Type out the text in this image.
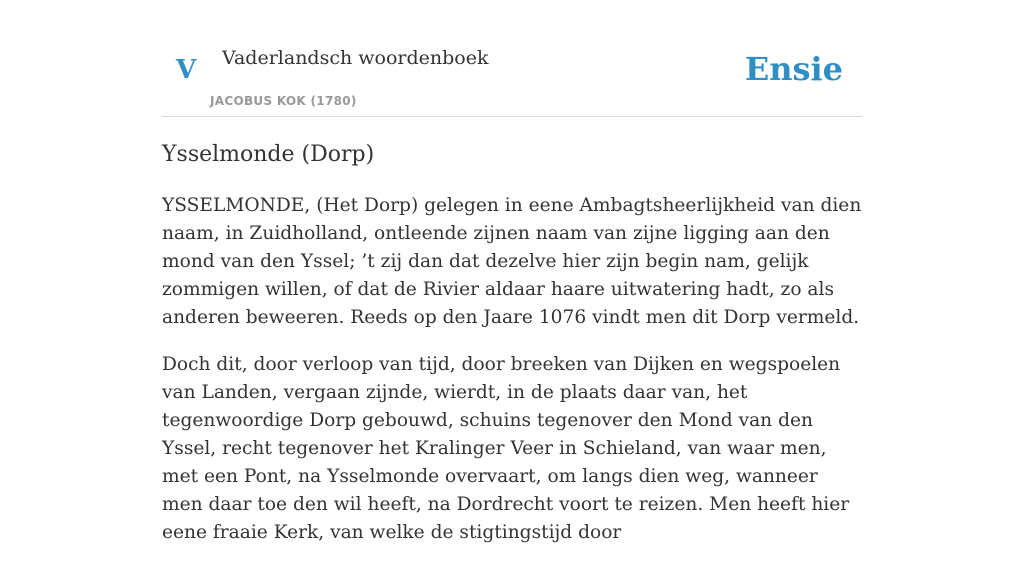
V Vaderlandsch woordenboek
JACOBUS KOK (1780)
Ensie
Ysselmonde (Dorp)

YSSELMONDE, (Het Dorp) gelegen in eene Ambagtsheerlijkheid van dien naam, in Zuidholland, ontleende zijnen naam van zijne ligging aan den mond van den Yssel; ’t zij dan dat dezelve hier zijn begin nam, gelijk zommigen willen, of dat de Rivier aldaar haare uitwatering hadt, zo als anderen beweeren. Reeds op den Jaare 1076 vindt men dit Dorp vermeld.

Doch dit, door verloop van tijd, door breeken van Dijken en wegspoelen van Landen, vergaan zijnde, wierdt, in de plaats daar van, het tegenwoordige Dorp gebouwd, schuins tegenover den Mond van den Yssel, recht tegenover het Kralinger Veer in Schieland, van waar men, met een Pont, na Ysselmonde overvaart, om langs dien weg, wanneer men daar toe den wil heeft, na Dordrecht voort te reizen. Men heeft hier eene fraaie Kerk, van welke de stigtingstijd door
